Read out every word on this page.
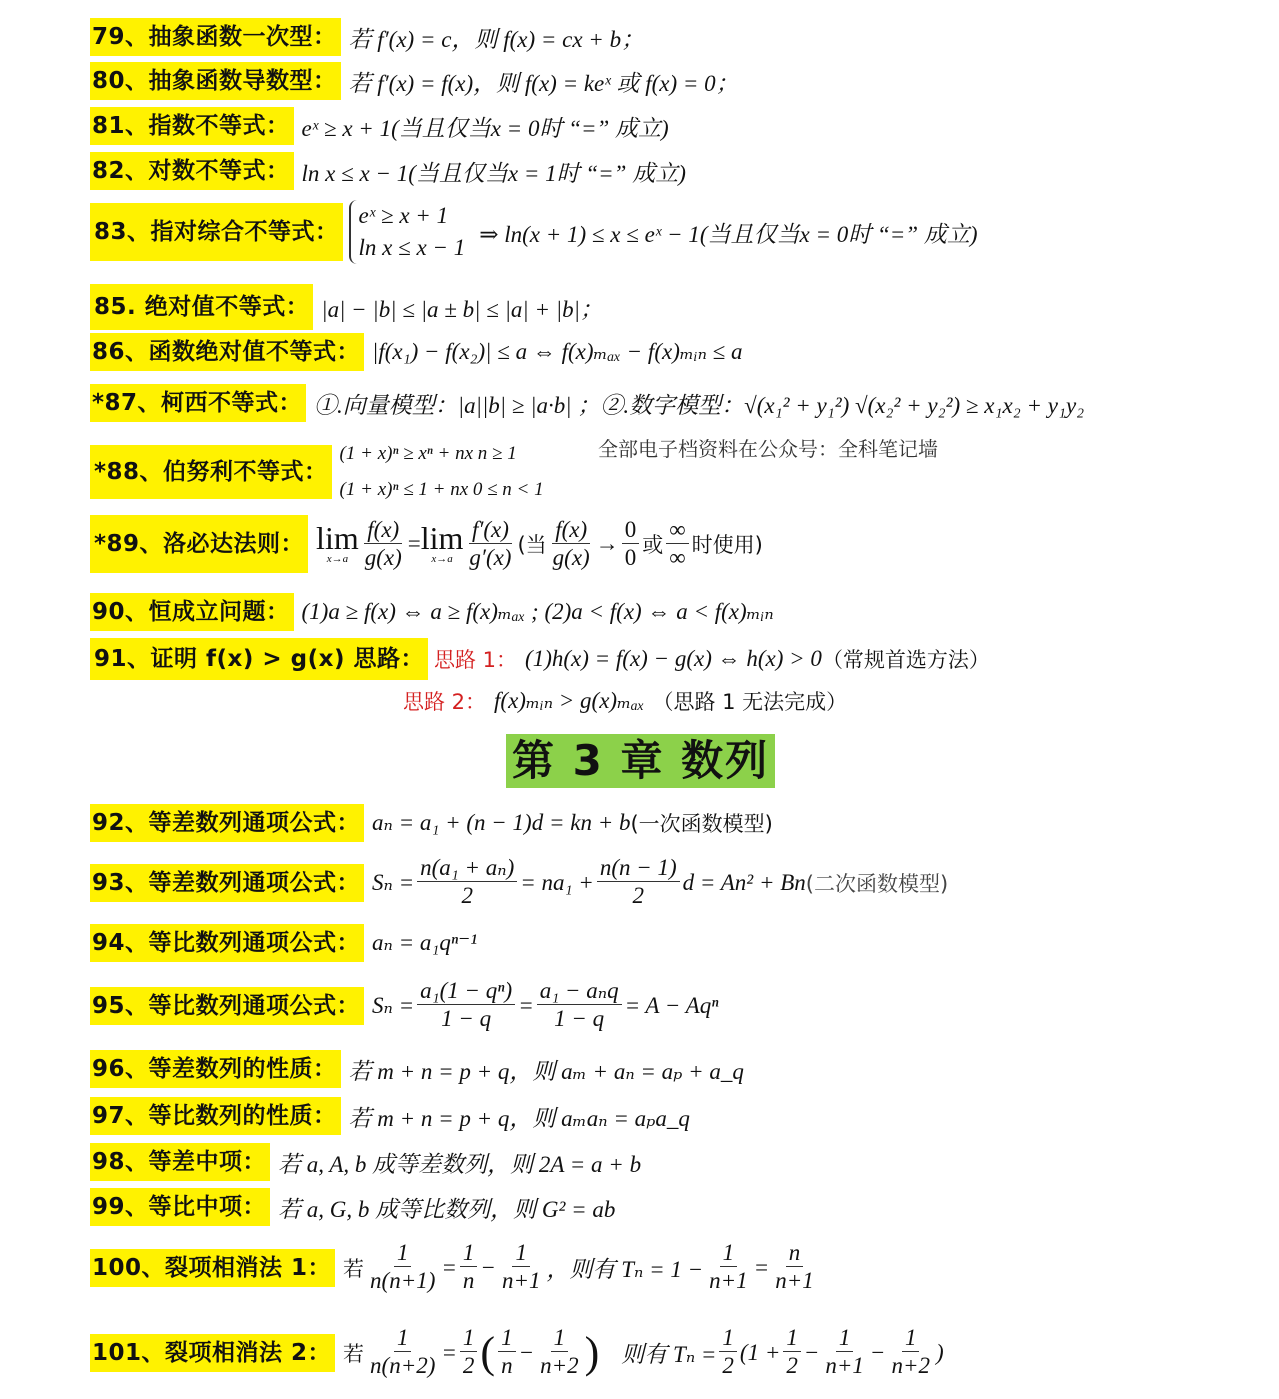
79、抽象函数一次型： 若 f′(x) = c，则 f(x) = cx + b；
80、抽象函数导数型： 若 f′(x) = f(x)，则 f(x) = keˣ 或 f(x) = 0；
81、指数不等式： eˣ ≥ x + 1(当且仅当x = 0时 “=” 成立)
82、对数不等式： ln x ≤ x − 1(当且仅当x = 1时 “=” 成立)
83、指对综合不等式：
eˣ ≥ x + 1
ln x ≤ x − 1
⇒ ln(x + 1) ≤ x ≤ eˣ − 1(当且仅当x = 0时 “=” 成立)
85. 绝对值不等式： |a| − |b| ≤ |a ± b| ≤ |a| + |b|；
86、函数绝对值不等式： |f(x₁) − f(x₂)| ≤ a ⇔ f(x)ₘₐₓ − f(x)ₘᵢₙ ≤ a
*87、柯西不等式： ①.向量模型：|a||b| ≥ |a·b| ；②.数字模型：√(x₁² + y₁²) √(x₂² + y₂²) ≥ x₁x₂ + y₁y₂
*88、伯努利不等式：
(1 + x)ⁿ ≥ xⁿ + nx n ≥ 1
(1 + x)ⁿ ≤ 1 + nx 0 ≤ n < 1
全部电子档资料在公众号：全科笔记墙
*89、洛必达法则： lim
$x\to a \frac{f(x)}{g(x)} = \lim$
$x\to a \frac{f'(x)}{g'(x)}$ (当 $\frac{f(x)}{g(x)} \to \frac{0}{0}$ 或 $\frac{\infty}{\infty}$ 时使用)
90、恒成立问题： (1)a ≥ f(x) ⇔ a ≥ f(x)ₘₐₓ ; (2)a < f(x) ⇔ a < f(x)ₘᵢₙ
91、证明 f(x) > g(x) 思路： 思路 1： (1)h(x) = f(x) − g(x) ⇔ h(x) > 0 （常规首选方法）
思路 2： f(x)ₘᵢₙ > g(x)ₘₐₓ （思路 1 无法完成）
第 3 章 数列
92、等差数列通项公式： aₙ = a₁ + (n − 1)d = kn + b (一次函数模型)
93、等差数列通项公式： $S_n = \frac{\text{n(a₁ + aₙ)}}{2} = na_1 + \frac{n(n - 1)}{2}$ d = An² + Bn (二次函数模型)
94、等比数列通项公式： aₙ = a₁qⁿ⁻¹
95、等比数列通项公式： $S_n = \frac{\text{a₁(1 − qⁿ)}}{1 - q} = \frac{\text{a₁ − aₙq}}{1 - q} = A - Aq^n$
96、等差数列的性质： 若 m + n = p + q，则 aₘ + aₙ = aₚ + a_q
97、等比数列的性质： 若 m + n = p + q，则 aₘaₙ = aₚa_q
98、等差中项： 若 a, A, b 成等差数列，则 2A = a + b
99、等比中项： 若 a, G, b 成等比数列，则 G² = ab
100、裂项相消法 1： 若 $\frac{1}{n(n+1)} = \frac{1}{n} - \frac{1}{n+1}$ ，则有 $T_n = 1 - \frac{1}{n+1} = \frac{n}{n+1}$
101、裂项相消法 2： 若 $\frac{1}{n(n+2)} = \frac{1}{2}$ ( $\frac{1}{n} - \frac{1}{n+2}$ ) 则有 $T_n = \frac{1}{2} (1 + \frac{1}{2} - \frac{1}{n+1} - \frac{1}{n+2}$ )
